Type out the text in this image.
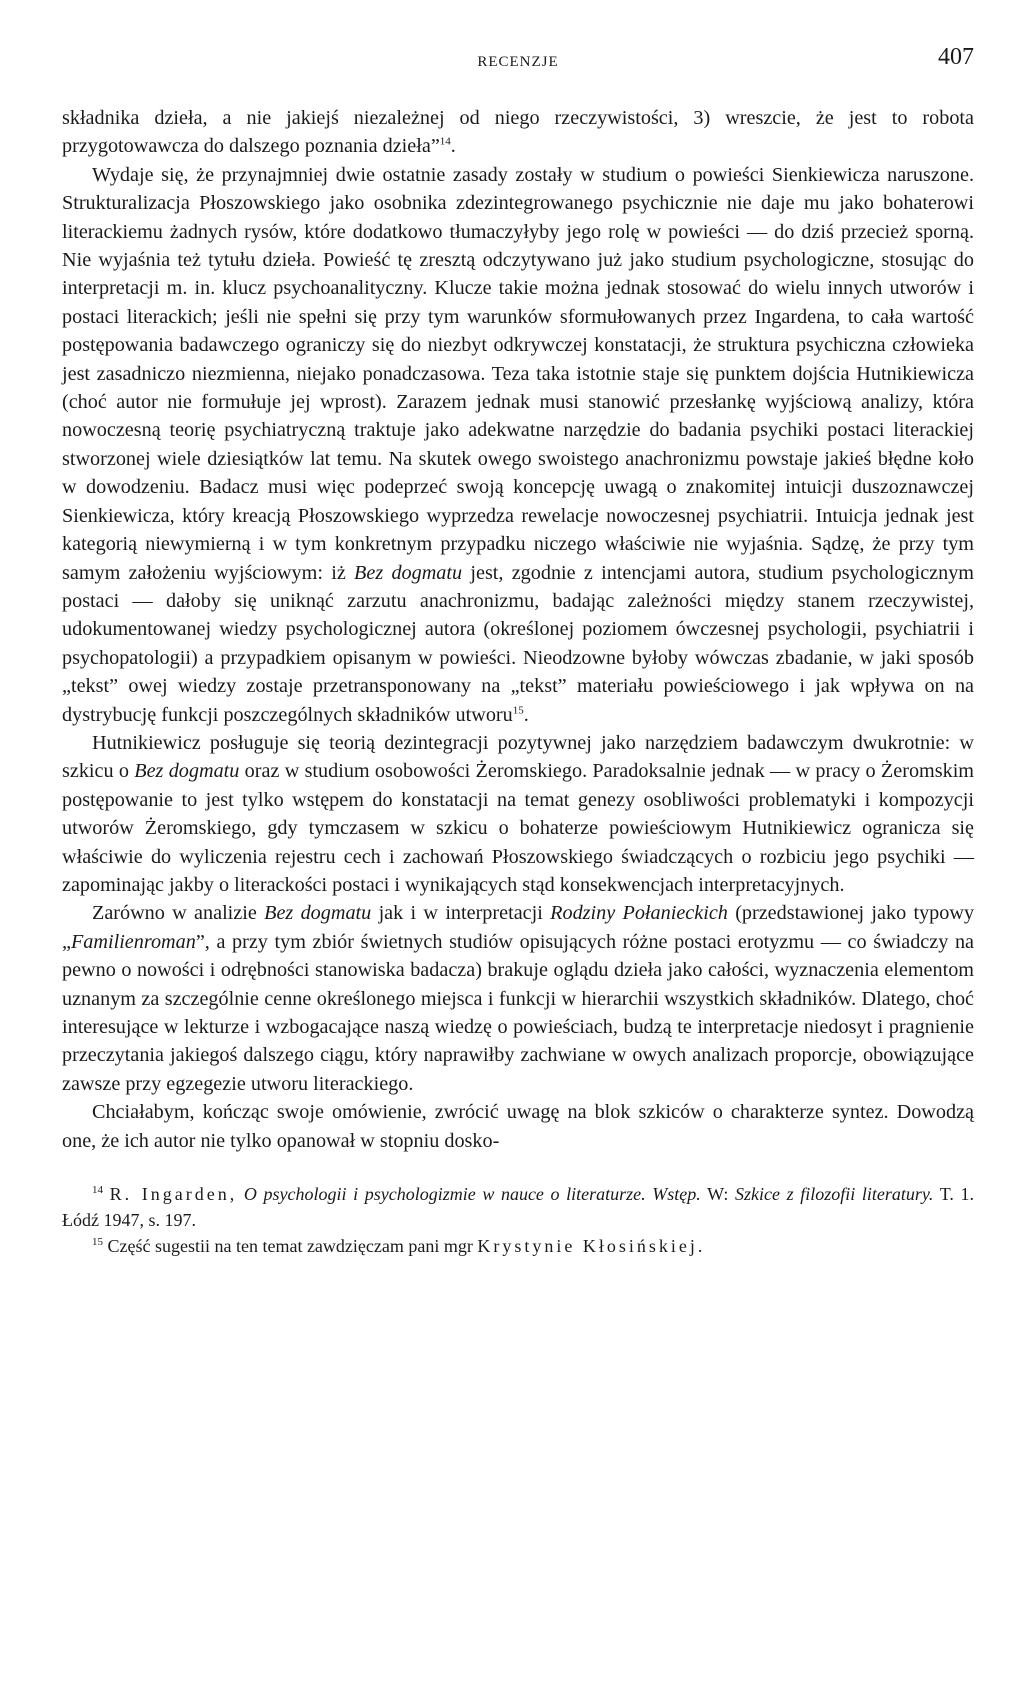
RECENZJE	407

składnika dzieła, a nie jakiejś niezależnej od niego rzeczywistości, 3) wreszcie, że jest to robota przygotowawcza do dalszego poznania dzieła”$^{14}$.

Wydaje się, że przynajmniej dwie ostatnie zasady zostały w studium o powieści Sienkiewicza naruszone. Strukturalizacja Płoszowskiego jako osobnika zdezintegrowanego psychicznie nie daje mu jako bohaterowi literackiemu żadnych rysów, które dodatkowo tłumaczyłyby jego rolę w powieści — do dziś przecież sporną. Nie wyjaśnia też tytułu dzieła. Powieść tę zresztą odczytywano już jako studium psychologiczne, stosując do interpretacji m. in. klucz psychoanalityczny. Klucze takie można jednak stosować do wielu innych utworów i postaci literackich; jeśli nie spełni się przy tym warunków sformułowanych przez Ingardena, to cała wartość postępowania badawczego ograniczy się do niezbyt odkrywczej konstatacji, że struktura psychiczna człowieka jest zasadniczo niezmienna, niejako ponadczasowa. Teza taka istotnie staje się punktem dojścia Hutnikiewicza (choć autor nie formułuje jej wprost). Zarazem jednak musi stanowić przesłankę wyjściową analizy, która nowoczesną teorię psychiatryczną traktuje jako adekwatne narzędzie do badania psychiki postaci literackiej stworzonej wiele dziesiątków lat temu. Na skutek owego swoistego anachronizmu powstaje jakieś błędne koło w dowodzeniu. Badacz musi więc podeprzeć swoją koncepcję uwagą o znakomitej intuicji duszoznawczej Sienkiewicza, który kreacją Płoszowskiego wyprzedza rewelacje nowoczesnej psychiatrii. Intuicja jednak jest kategorią niewymierną i w tym konkretnym przypadku niczego właściwie nie wyjaśnia. Sądzę, że przy tym samym założeniu wyjściowym: iż Bez dogmatu jest, zgodnie z intencjami autora, studium psychologicznym postaci — dałoby się uniknąć zarzutu anachronizmu, badając zależności między stanem rzeczywistej, udokumentowanej wiedzy psychologicznej autora (określonej poziomem ówczesnej psychologii, psychiatrii i psychopatologii) a przypadkiem opisanym w powieści. Nieodzowne byłoby wówczas zbadanie, w jaki sposób „tekst” owej wiedzy zostaje przetransponowany na „tekst” materiału powieściowego i jak wpływa on na dystrybucję funkcji poszczególnych składników utworu$^{15}$.

Hutnikiewicz posługuje się teorią dezintegracji pozytywnej jako narzędziem badawczym dwukrotnie: w szkicu o Bez dogmatu oraz w studium osobowości Żeromskiego. Paradoksalnie jednak — w pracy o Żeromskim postępowanie to jest tylko wstępem do konstatacji na temat genezy osobliwości problematyki i kompozycji utworów Żeromskiego, gdy tymczasem w szkicu o bohaterze powieściowym Hutnikiewicz ogranicza się właściwie do wyliczenia rejestru cech i zachowań Płoszowskiego świadczących o rozbiciu jego psychiki — zapominając jakby o literackości postaci i wynikających stąd konsekwencjach interpretacyjnych.

Zarówno w analizie Bez dogmatu jak i w interpretacji Rodziny Połanieckich (przedstawionej jako typowy „Familienroman”, a przy tym zbiór świetnych studiów opisujących różne postaci erotyzmu — co świadczy na pewno o nowości i odrębności stanowiska badacza) brakuje oglądu dzieła jako całości, wyznaczenia elementom uznanym za szczególnie cenne określonego miejsca i funkcji w hierarchii wszystkich składników. Dlatego, choć interesujące w lekturze i wzbogacające naszą wiedzę o powieściach, budzą te interpretacje niedosyt i pragnienie przeczytania jakiegoś dalszego ciągu, który naprawiłby zachwiane w owych analizach proporcje, obowiązujące zawsze przy egzegezie utworu literackiego.

Chciałabym, kończąc swoje omówienie, zwrócić uwagę na blok szkiców o charakterze syntez. Dowodzą one, że ich autor nie tylko opanował w stopniu dosko-

$^{14}$ R. Ingarden, O psychologii i psychologizmie w nauce o literaturze. Wstęp. W: Szkice z filozofii literatury. T. 1. Łódź 1947, s. 197.

$^{15}$ Część sugestii na ten temat zawdzięczam pani mgr Krystynie Kłosińskiej.
